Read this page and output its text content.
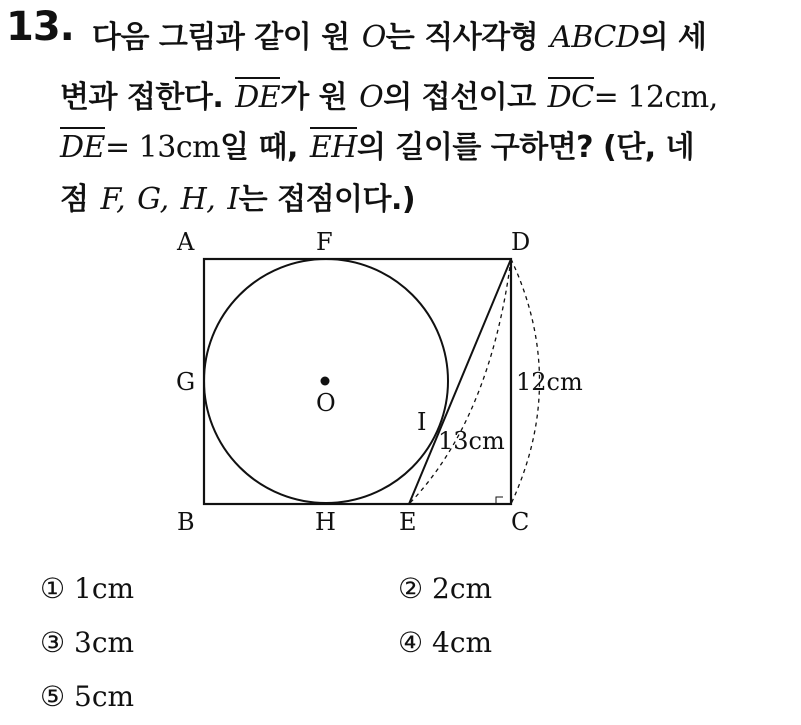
13. 다음 그림과 같이 원 O는 직사각형 ABCD의 세
변과 접한다. DE가 원 O의 접선이고 DC= 12cm,
DE= 13cm일 때, EH의 길이를 구하면? (단, 네
점 F, G, H, I는 접점이다.)
A	F	D
G
O
I
13cm
12cm
B	H	E	C
① 1cm	② 2cm
③ 3cm	④ 4cm
⑤ 5cm
